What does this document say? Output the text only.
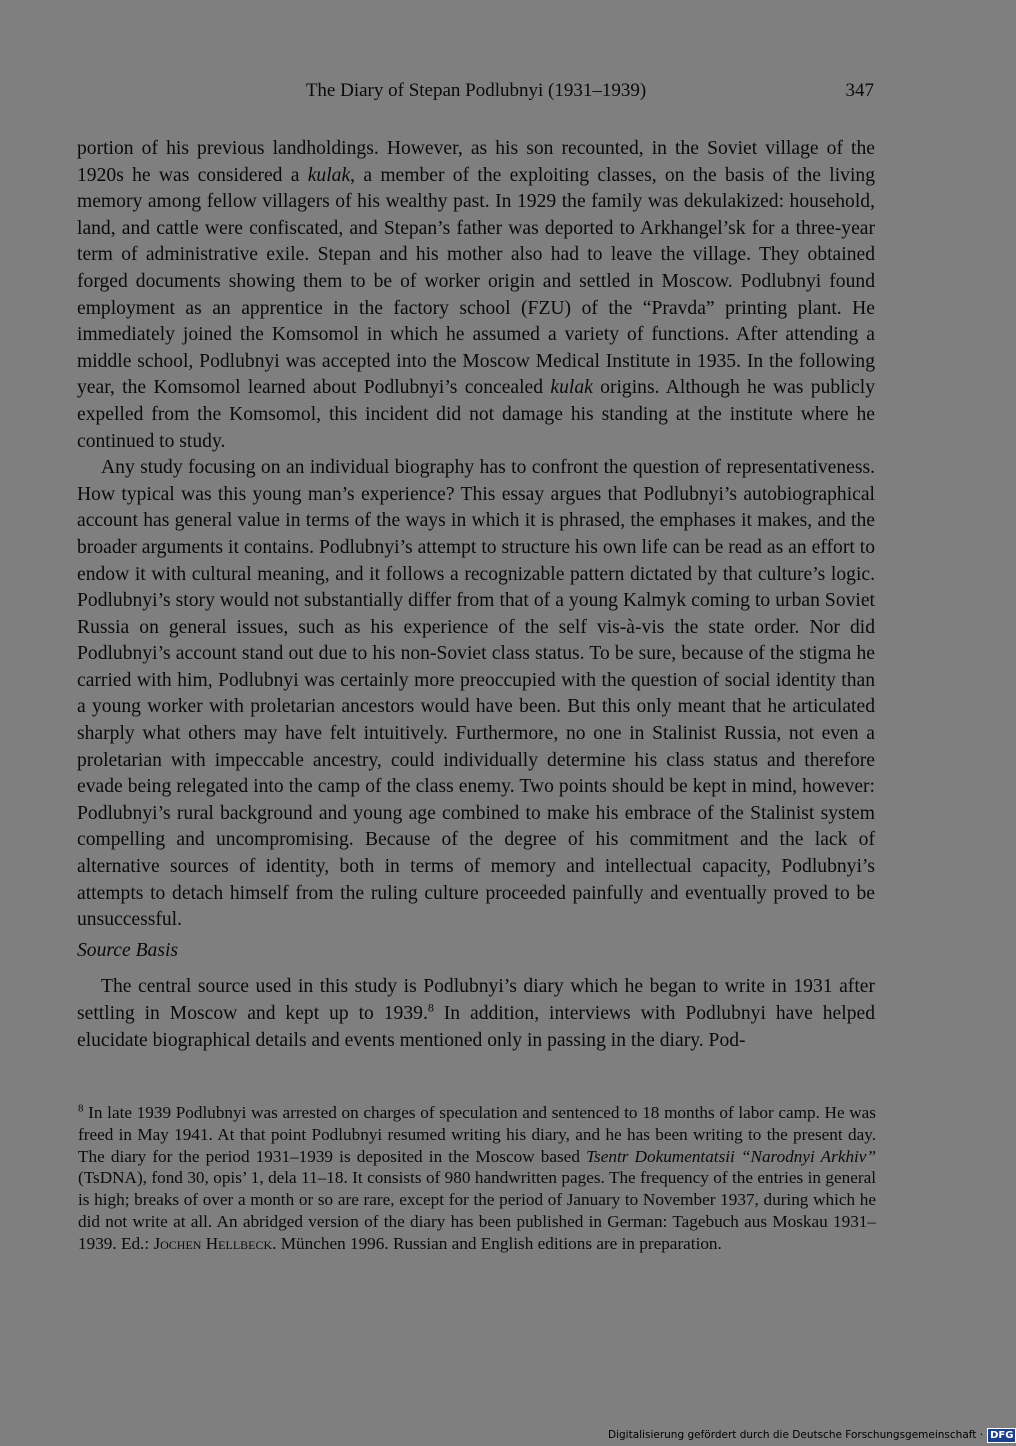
The Diary of Stepan Podlubnyi (1931–1939)	347

portion of his previous landholdings. However, as his son recounted, in the Soviet village of the 1920s he was considered a kulak, a member of the exploiting classes, on the basis of the living memory among fellow villagers of his wealthy past. In 1929 the family was dekulakized: household, land, and cattle were confiscated, and Stepan’s father was deported to Arkhangel’sk for a three-year term of administrative exile. Stepan and his mother also had to leave the village. They obtained forged documents showing them to be of worker origin and settled in Moscow. Podlubnyi found employment as an apprentice in the factory school (FZU) of the “Pravda” printing plant. He immediately joined the Komsomol in which he assumed a variety of functions. After attending a middle school, Podlubnyi was accepted into the Moscow Medical Institute in 1935. In the following year, the Komsomol learned about Podlubnyi’s concealed kulak origins. Although he was publicly expelled from the Komsomol, this incident did not damage his standing at the institute where he continued to study.

Any study focusing on an individual biography has to confront the question of representativeness. How typical was this young man’s experience? This essay argues that Podlubnyi’s autobiographical account has general value in terms of the ways in which it is phrased, the emphases it makes, and the broader arguments it contains. Podlubnyi’s attempt to structure his own life can be read as an effort to endow it with cultural meaning, and it follows a recognizable pattern dictated by that culture’s logic. Podlubnyi’s story would not substantially differ from that of a young Kalmyk coming to urban Soviet Russia on general issues, such as his experience of the self vis-à-vis the state order. Nor did Podlubnyi’s account stand out due to his non-Soviet class status. To be sure, because of the stigma he carried with him, Podlubnyi was certainly more preoccupied with the question of social identity than a young worker with proletarian ancestors would have been. But this only meant that he articulated sharply what others may have felt intuitively. Furthermore, no one in Stalinist Russia, not even a proletarian with impeccable ancestry, could individually determine his class status and therefore evade being relegated into the camp of the class enemy. Two points should be kept in mind, however: Podlubnyi’s rural background and young age combined to make his embrace of the Stalinist system compelling and uncompromising. Because of the degree of his commitment and the lack of alternative sources of identity, both in terms of memory and intellectual capacity, Podlubnyi’s attempts to detach himself from the ruling culture proceeded painfully and eventually proved to be unsuccessful.

Source Basis

The central source used in this study is Podlubnyi’s diary which he began to write in 1931 after settling in Moscow and kept up to 1939.$^8$ In addition, interviews with Podlubnyi have helped elucidate biographical details and events mentioned only in passing in the diary. Pod-

$^8$ In late 1939 Podlubnyi was arrested on charges of speculation and sentenced to 18 months of labor camp. He was freed in May 1941. At that point Podlubnyi resumed writing his diary, and he has been writing to the present day. The diary for the period 1931–1939 is deposited in the Moscow based Tsentr Dokumentatsii “Narodnyi Arkhiv” (TsDNA), fond 30, opis’ 1, dela 11–18. It consists of 980 handwritten pages. The frequency of the entries in general is high; breaks of over a month or so are rare, except for the period of January to November 1937, during which he did not write at all. An abridged version of the diary has been published in German: Tagebuch aus Moskau 1931–1939. Ed.: Jochen Hellbeck. München 1996. Russian and English editions are in preparation.
Digitalisierung gefördert durch die Deutsche Forschungsgemeinschaft · DFG
